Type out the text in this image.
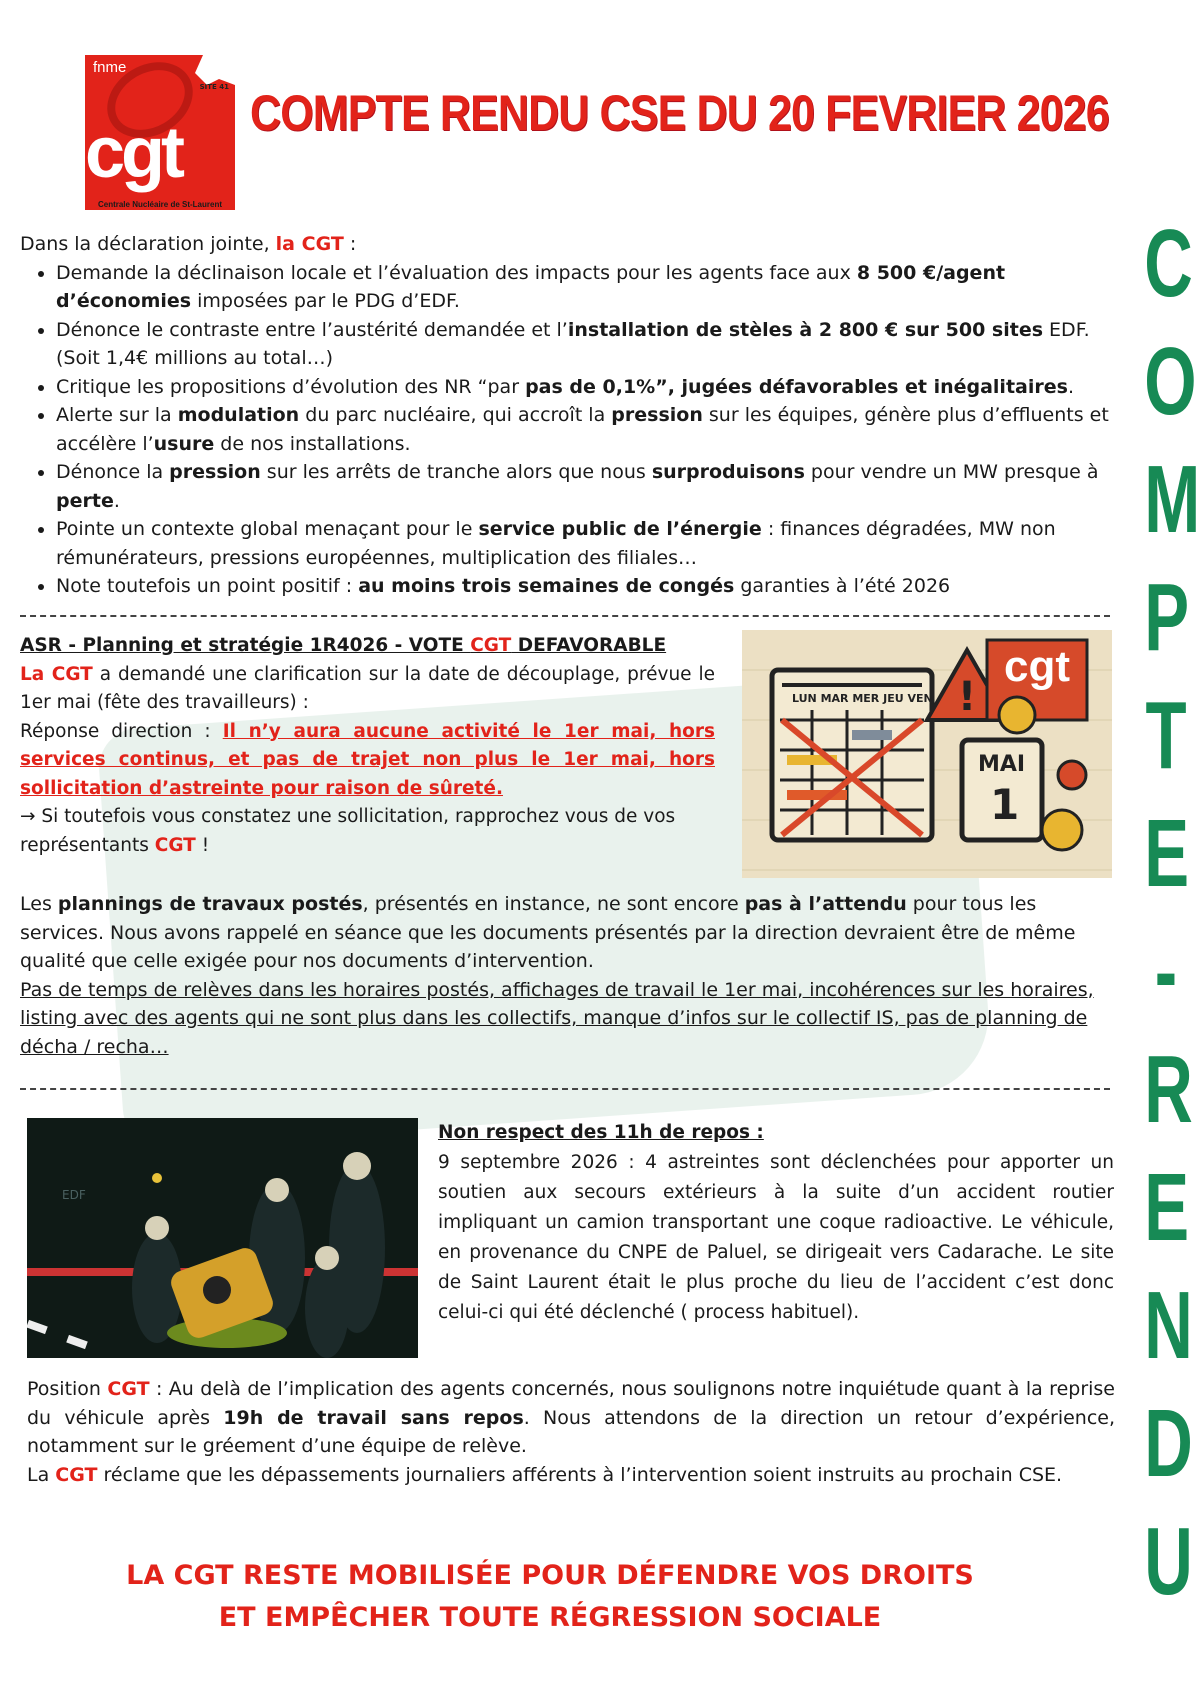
fnme
SITE 41
cgt
Centrale Nucléaire de St-Laurent
COMPTE RENDU CSE DU 20 FEVRIER 2026
C
O
M
P
T
E
-
R
E
N
D
U

Dans la déclaration jointe, la CGT :

• Demande la déclinaison locale et l’évaluation des impacts pour les agents face aux 8 500 €/agent d’économies imposées par le PDG d’EDF.
• Dénonce le contraste entre l’austérité demandée et l’installation de stèles à 2 800 € sur 500 sites EDF. (Soit 1,4€ millions au total…)
• Critique les propositions d’évolution des NR “par pas de 0,1%”, jugées défavorables et inégalitaires.
• Alerte sur la modulation du parc nucléaire, qui accroît la pression sur les équipes, génère plus d’effluents et accélère l’usure de nos installations.
• Dénonce la pression sur les arrêts de tranche alors que nous surproduisons pour vendre un MW presque à perte.
• Pointe un contexte global menaçant pour le service public de l’énergie : finances dégradées, MW non rémunérateurs, pressions européennes, multiplication des filiales…
• Note toutefois un point positif : au moins trois semaines de congés garanties à l’été 2026

ASR - Planning et stratégie 1R4026 - VOTE CGT DEFAVORABLE

La CGT a demandé une clarification sur la date de découplage, prévue le 1er mai (fête des travailleurs) :

Réponse direction : Il n’y aura aucune activité le 1er mai, hors services continus, et pas de trajet non plus le 1er mai, hors sollicitation d’astreinte pour raison de sûreté.

→ Si toutefois vous constatez une sollicitation, rapprochez vous de vos représentants CGT !

!
LUN MAR MER JEU VEN
cgt
MAI
1

Les plannings de travaux postés, présentés en instance, ne sont encore pas à l’attendu pour tous les services. Nous avons rappelé en séance que les documents présentés par la direction devraient être de même qualité que celle exigée pour nos documents d’intervention.

Pas de temps de relèves dans les horaires postés, affichages de travail le 1er mai, incohérences sur les horaires, listing avec des agents qui ne sont plus dans les collectifs, manque d’infos sur le collectif IS, pas de planning de décha / recha…

EDF

Non respect des 11h de repos :

9 septembre 2026 : 4 astreintes sont déclenchées pour apporter un soutien aux secours extérieurs à la suite d’un accident routier impliquant un camion transportant une coque radioactive. Le véhicule, en provenance du CNPE de Paluel, se dirigeait vers Cadarache. Le site de Saint Laurent était le plus proche du lieu de l’accident c’est donc celui-ci qui été déclenché ( process habituel).

Position CGT : Au delà de l’implication des agents concernés, nous soulignons notre inquiétude quant à la reprise du véhicule après 19h de travail sans repos. Nous attendons de la direction un retour d’expérience, notamment sur le gréement d’une équipe de relève.

La CGT réclame que les dépassements journaliers afférents à l’intervention soient instruits au prochain CSE.

LA CGT RESTE MOBILISÉE POUR DÉFENDRE VOS DROITS
ET EMPÊCHER TOUTE RÉGRESSION SOCIALE
